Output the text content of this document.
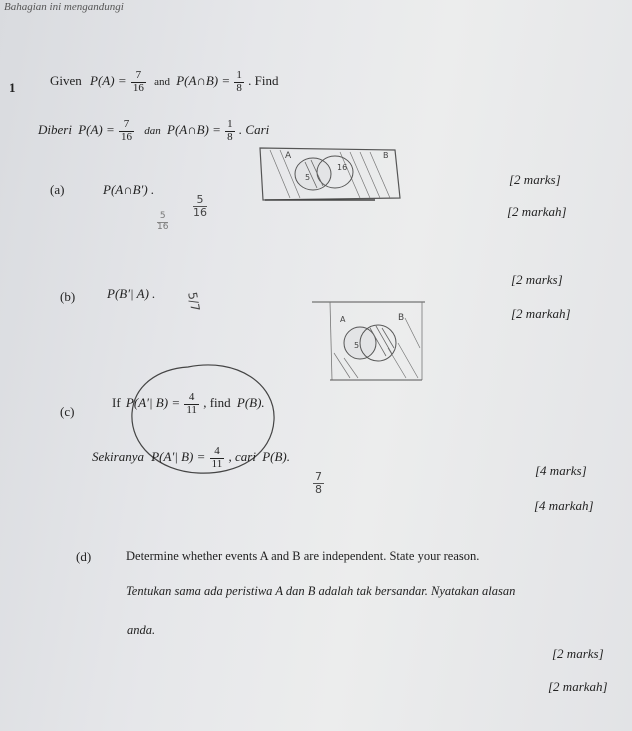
Bahagian ini mengandungi
1	Given $P(A) = \frac{7}{16}$ and P(A∩B) = $\frac{1}{8}$ . Find
Diberi $P(A) = \frac{7}{16}$ dan P(A∩B) = $\frac{1}{8}$ . Cari
A	B
5
16
(a)	P(A∩B′) .
[2 marks]
[2 markah]
$\frac{5}{16}$
$\frac{5}{16}$
[2 marks]
(b) P(B′| A) . 5/7
[2 markah]
A	B
5
(c)
If P(A′| $B) = \frac{4}{11}$ , find P(B).
Sekiranya P(A′| $B) = \frac{4}{11}$ , cari P(B).
$\frac{7}{8}$
[4 marks]
[4 markah]
(d)	Determine whether events A and B are independent. State your reason.
Tentukan sama ada peristiwa A dan B adalah tak bersandar. Nyatakan alasan
anda.
[2 marks]
[2 markah]
